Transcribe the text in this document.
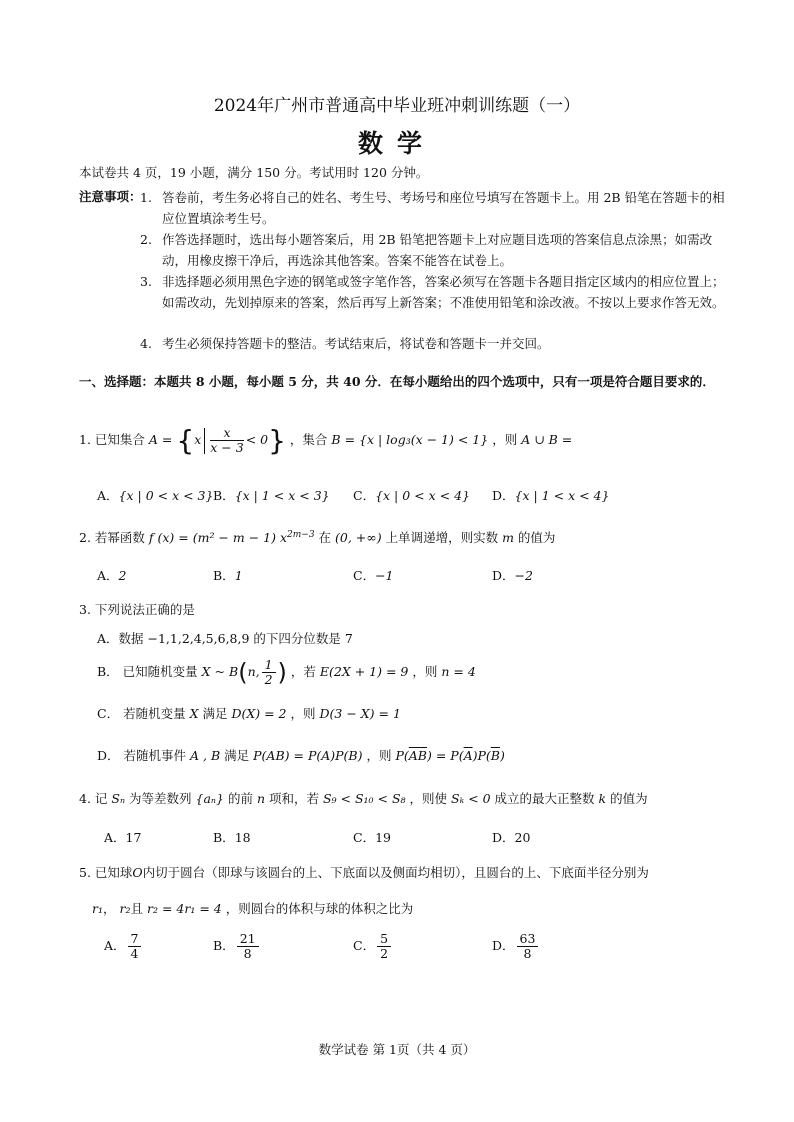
2024年广州市普通高中毕业班冲刺训练题（一）
数学
本试卷共 4 页，19 小题，满分 150 分。考试用时 120 分钟。
注意事项：
1. 答卷前，考生务必将自己的姓名、考生号、考场号和座位号填写在答题卡上。用 2B 铅笔在答题卡的相应位置填涂考生号。
2. 作答选择题时，选出每小题答案后，用 2B 铅笔把答题卡上对应题目选项的答案信息点涂黑；如需改动，用橡皮擦干净后，再选涂其他答案。答案不能答在试卷上。
3. 非选择题必须用黑色字迹的钢笔或签字笔作答，答案必须写在答题卡各题目指定区域内的相应位置上；如需改动，先划掉原来的答案，然后再写上新答案；不准使用铅笔和涂改液。不按以上要求作答无效。
4. 考生必须保持答题卡的整洁。考试结束后，将试卷和答题卡一并交回。
一、选择题：本题共 8 小题，每小题 5 分，共 40 分．在每小题给出的四个选项中，只有一项是符合题目要求的．
1. 已知集合 $A = \{x \frac{x}{x - 3} < 0\}$ ，集合 B = {x | log₃(x − 1) < 1} ，则 A ∪ B =
A．{x | 0 < x < 3} B．{x | 1 < x < 3} C．{x | 0 < x < 4} D．{x | 1 < x < 4}
2. 若幂函数 f (x) = (m² − m − 1) $x^{2m-3}$ 在 (0, +∞) 上单调递增，则实数 m 的值为
A．2	B．1	C．−1	D．−2
3. 下列说法正确的是
A．数据 −1,1,2,4,5,6,8,9 的下四分位数是 7
B． 已知随机变量 X ~ B(n, $\frac{1}{2}$ ) ，若 E(2X + 1) = 9 ，则 n = 4
C． 若随机变量 X 满足 D(X) = 2 ，则 D(3 − X) = 1
D． 若随机事件 A , B 满足 P(AB) = P(A)P(B) ，则 $P(\overline{AB}) = P(\overline{A})P(\overline{B})$
4. 记 Sₙ 为等差数列 {aₙ} 的前 n 项和，若 S₉ < S₁₀ < S₈ ，则使 Sₖ < 0 成立的最大正整数 k 的值为
A．17	B．18	C．19	D．20
5. 已知球O内切于圆台（即球与该圆台的上、下底面以及侧面均相切），且圆台的上、下底面半径分别为
r₁， r₂且 r₂ = 4r₁ = 4 ，则圆台的体积与球的体积之比为
A． $\frac{7}{4}$	B． $\frac{21}{8}$	C． $\frac{5}{2}$	D． $\frac{63}{8}$
数学试卷 第 1页（共 4 页）
